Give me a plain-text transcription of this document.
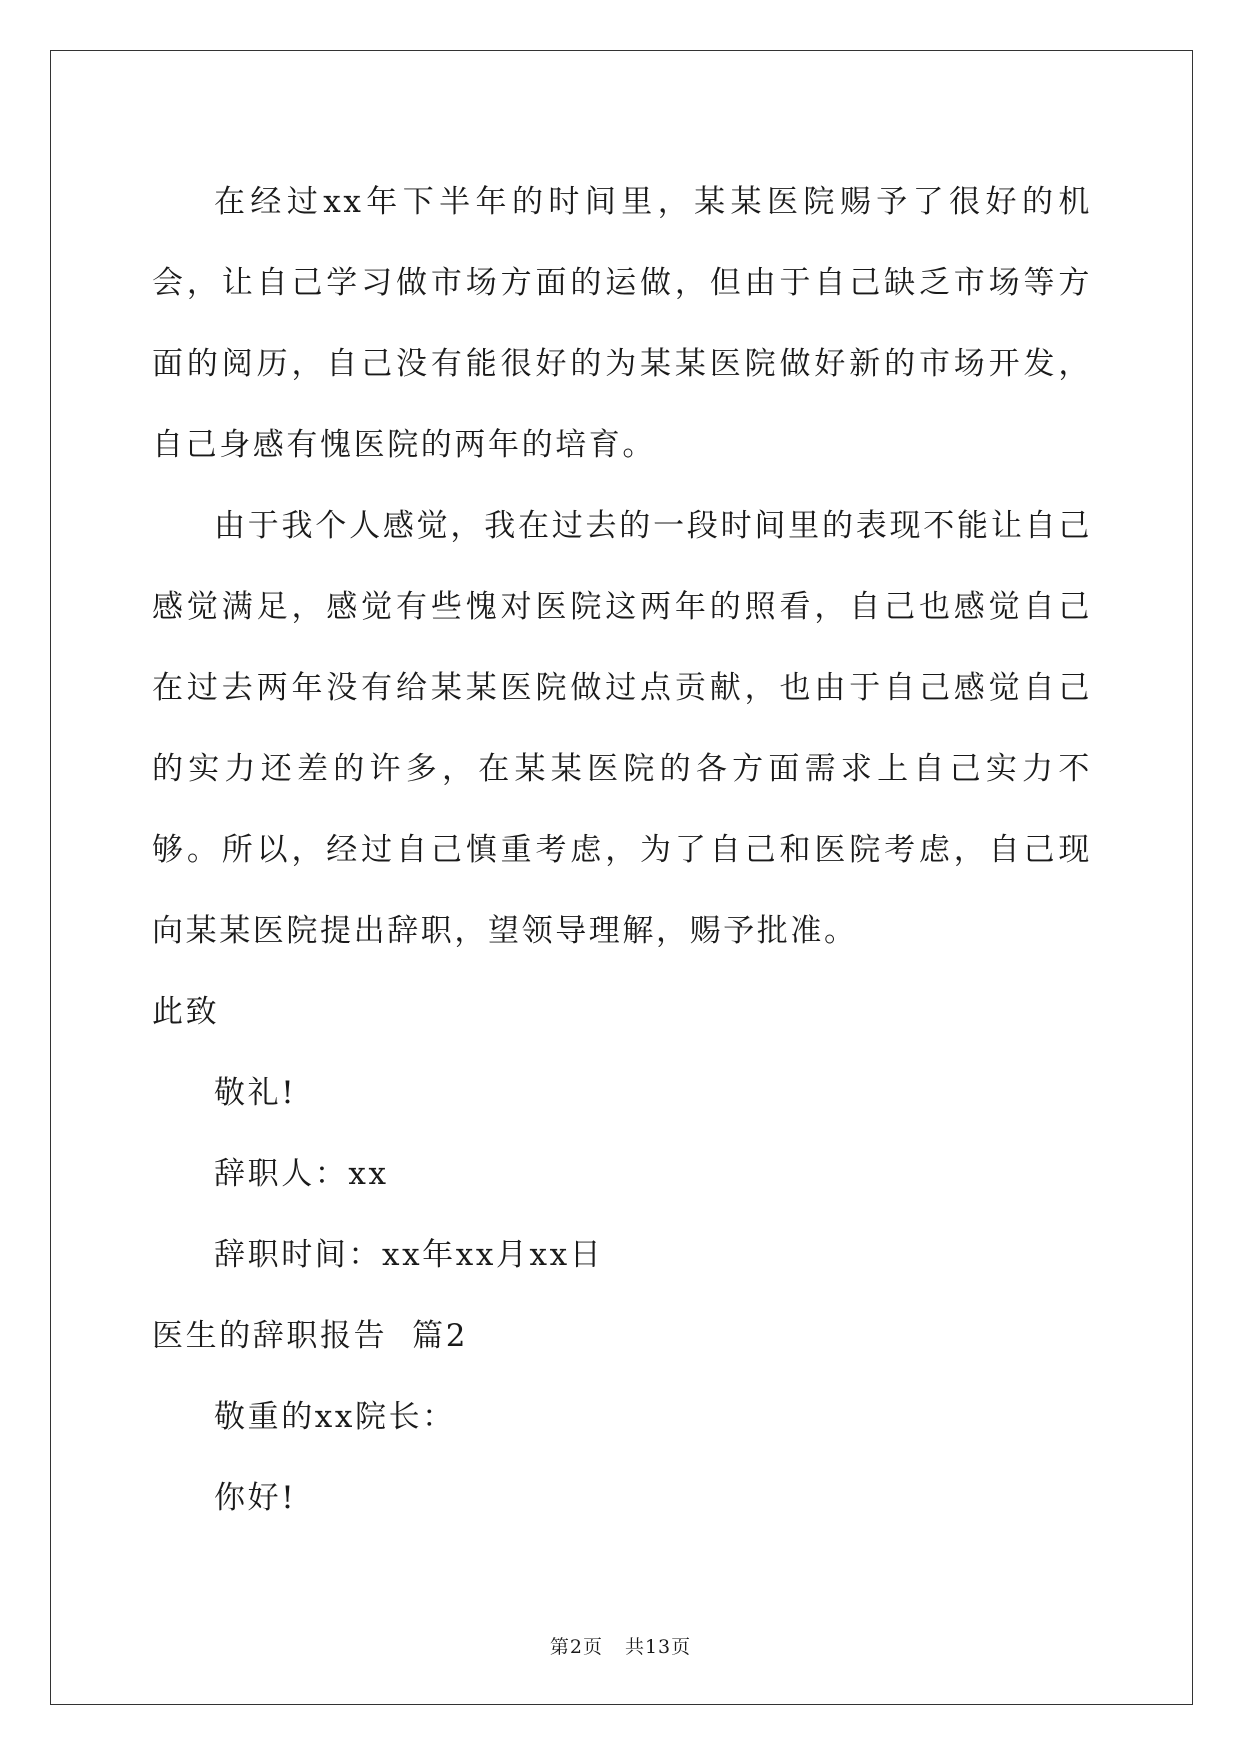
在经过xx年下半年的时间里，某某医院赐予了很好的机会，让自己学习做市场方面的运做，但由于自己缺乏市场等方面的阅历，自己没有能很好的为某某医院做好新的市场开发，自己身感有愧医院的两年的培育。

由于我个人感觉，我在过去的一段时间里的表现不能让自己感觉满足，感觉有些愧对医院这两年的照看，自己也感觉自己在过去两年没有给某某医院做过点贡献，也由于自己感觉自己的实力还差的许多，在某某医院的各方面需求上自己实力不够。所以，经过自己慎重考虑，为了自己和医院考虑，自己现向某某医院提出辞职，望领导理解，赐予批准。

此致

敬礼!

辞职人：xx

辞职时间：xx年xx月xx日

医生的辞职报告  篇2

敬重的xx院长：

你好!

第2页 共13页
